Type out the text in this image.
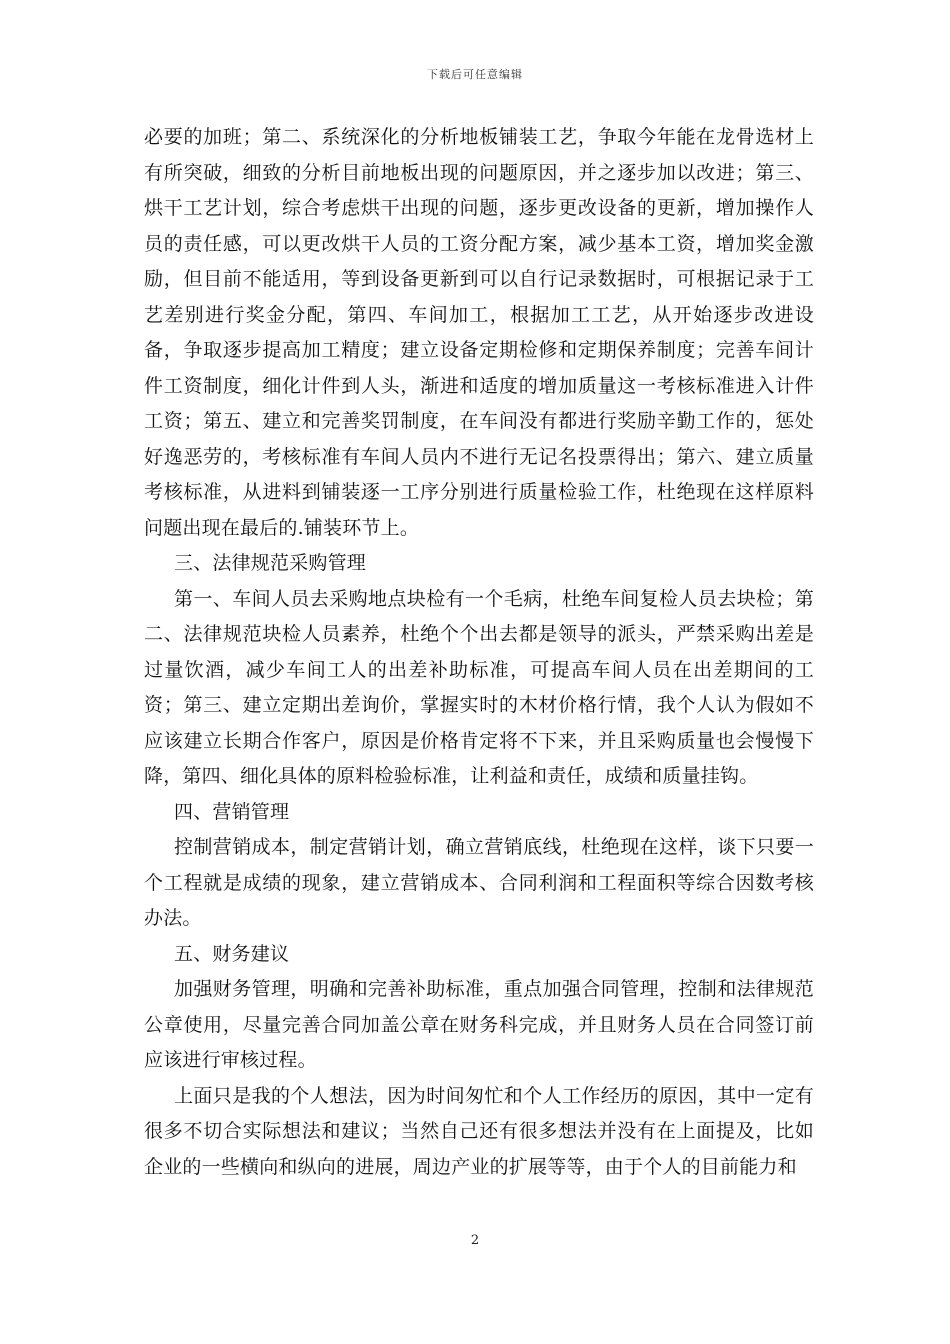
下载后可任意编辑

必要的加班；第二、系统深化的分析地板铺装工艺，争取今年能在龙骨选材上有所突破，细致的分析目前地板出现的问题原因，并之逐步加以改进；第三、烘干工艺计划，综合考虑烘干出现的问题，逐步更改设备的更新，增加操作人员的责任感，可以更改烘干人员的工资分配方案，减少基本工资，增加奖金激励，但目前不能适用，等到设备更新到可以自行记录数据时，可根据记录于工艺差别进行奖金分配，第四、车间加工，根据加工工艺，从开始逐步改进设备，争取逐步提高加工精度；建立设备定期检修和定期保养制度；完善车间计件工资制度，细化计件到人头，渐进和适度的增加质量这一考核标准进入计件工资；第五、建立和完善奖罚制度，在车间没有都进行奖励辛勤工作的，惩处好逸恶劳的，考核标准有车间人员内不进行无记名投票得出；第六、建立质量考核标准，从进料到铺装逐一工序分别进行质量检验工作，杜绝现在这样原料问题出现在最后的.铺装环节上。

三、法律规范采购管理

第一、车间人员去采购地点块检有一个毛病，杜绝车间复检人员去块检；第二、法律规范块检人员素养，杜绝个个出去都是领导的派头，严禁采购出差是过量饮酒，减少车间工人的出差补助标准，可提高车间人员在出差期间的工资；第三、建立定期出差询价，掌握实时的木材价格行情，我个人认为假如不应该建立长期合作客户，原因是价格肯定将不下来，并且采购质量也会慢慢下降，第四、细化具体的原料检验标准，让利益和责任，成绩和质量挂钩。

四、营销管理

控制营销成本，制定营销计划，确立营销底线，杜绝现在这样，谈下只要一个工程就是成绩的现象，建立营销成本、合同利润和工程面积等综合因数考核办法。

五、财务建议

加强财务管理，明确和完善补助标准，重点加强合同管理，控制和法律规范公章使用，尽量完善合同加盖公章在财务科完成，并且财务人员在合同签订前应该进行审核过程。

上面只是我的个人想法，因为时间匆忙和个人工作经历的原因，其中一定有很多不切合实际想法和建议；当然自己还有很多想法并没有在上面提及，比如企业的一些横向和纵向的进展，周边产业的扩展等等，由于个人的目前能力和

2
